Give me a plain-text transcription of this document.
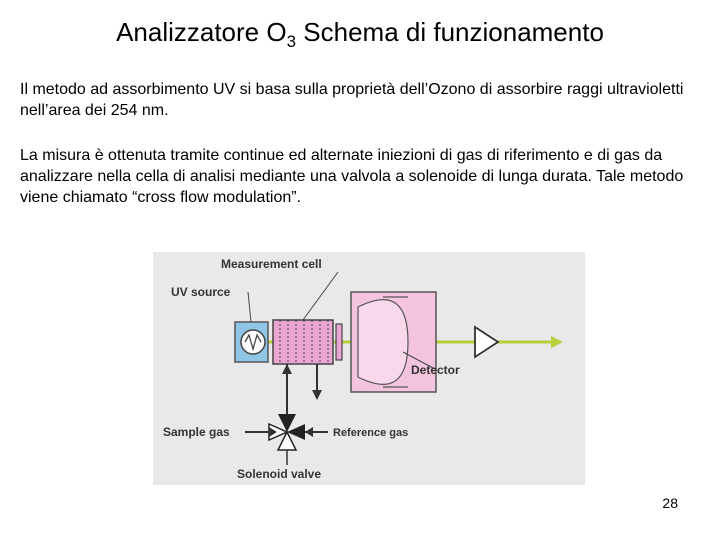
Analizzatore $O_3$ Schema di funzionamento
Il metodo ad assorbimento UV si basa sulla proprietà dell’Ozono di assorbire raggi ultravioletti nell’area dei 254 nm.
La misura è ottenuta tramite continue ed alternate iniezioni di gas di riferimento e di gas da analizzare nella cella di analisi mediante una valvola a solenoide di lunga durata. Tale metodo viene chiamato “cross flow modulation”.
Measurement cell
UV source
Detector
Sample gas	Reference gas
Solenoid valve
28
